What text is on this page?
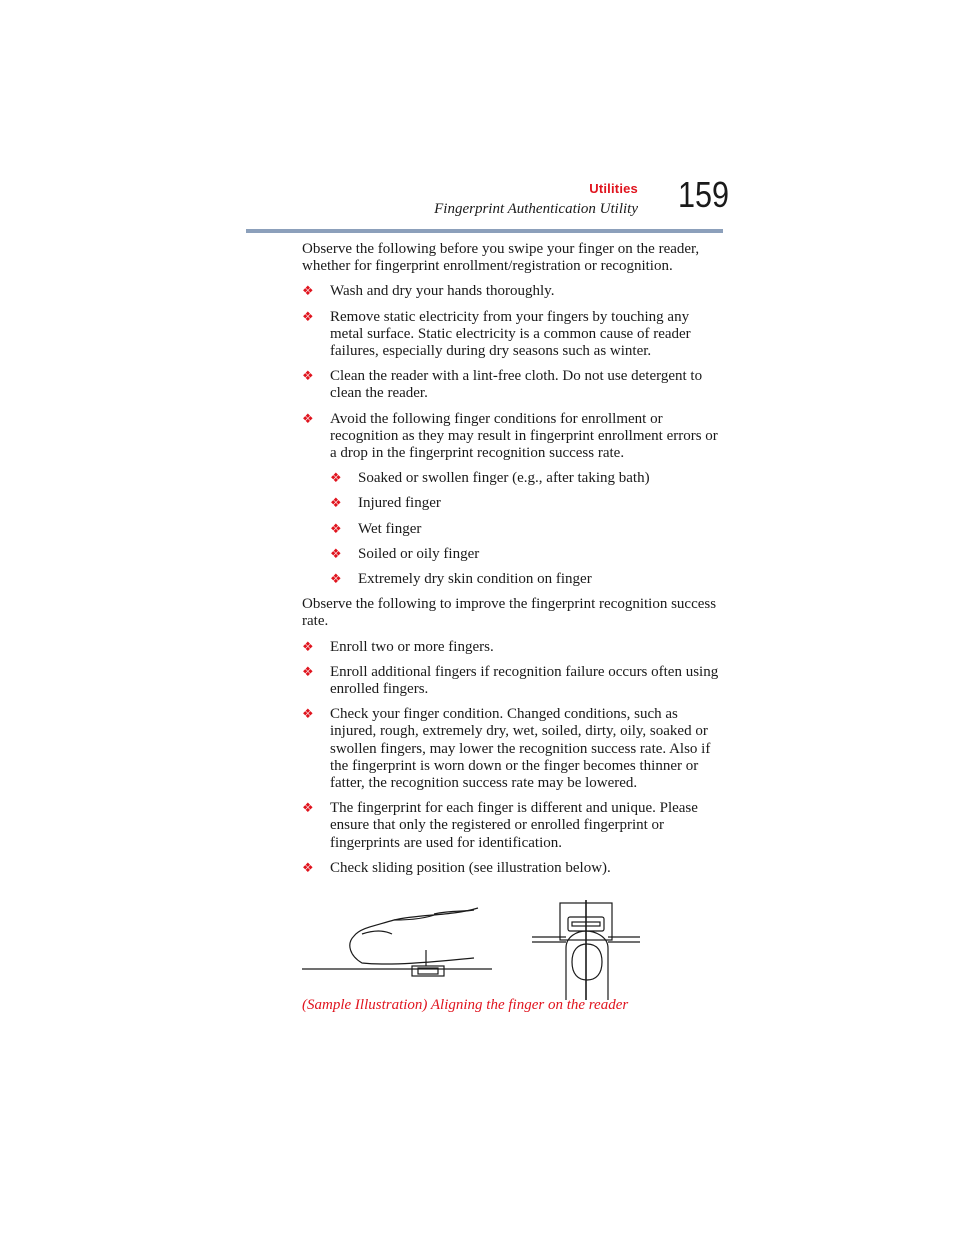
Utilities
Fingerprint Authentication Utility 159

Observe the following before you swipe your finger on the reader, whether for fingerprint enrollment/registration or recognition.

❖ Wash and dry your hands thoroughly.
❖ Remove static electricity from your fingers by touching any metal surface. Static electricity is a common cause of reader failures, especially during dry seasons such as winter.
❖ Clean the reader with a lint-free cloth. Do not use detergent to clean the reader.
❖ Avoid the following finger conditions for enrollment or recognition as they may result in fingerprint enrollment errors or a drop in the fingerprint recognition success rate.
❖ Soaked or swollen finger (e.g., after taking bath)
❖ Injured finger
❖ Wet finger
❖ Soiled or oily finger
❖ Extremely dry skin condition on finger

Observe the following to improve the fingerprint recognition success rate.

❖ Enroll two or more fingers.
❖ Enroll additional fingers if recognition failure occurs often using enrolled fingers.
❖ Check your finger condition. Changed conditions, such as injured, rough, extremely dry, wet, soiled, dirty, oily, soaked or swollen fingers, may lower the recognition success rate. Also if the fingerprint is worn down or the finger becomes thinner or fatter, the recognition success rate may be lowered.
❖ The fingerprint for each finger is different and unique. Please ensure that only the registered or enrolled fingerprint or fingerprints are used for identification.
❖ Check sliding position (see illustration below).
(Sample Illustration) Aligning the finger on the reader
